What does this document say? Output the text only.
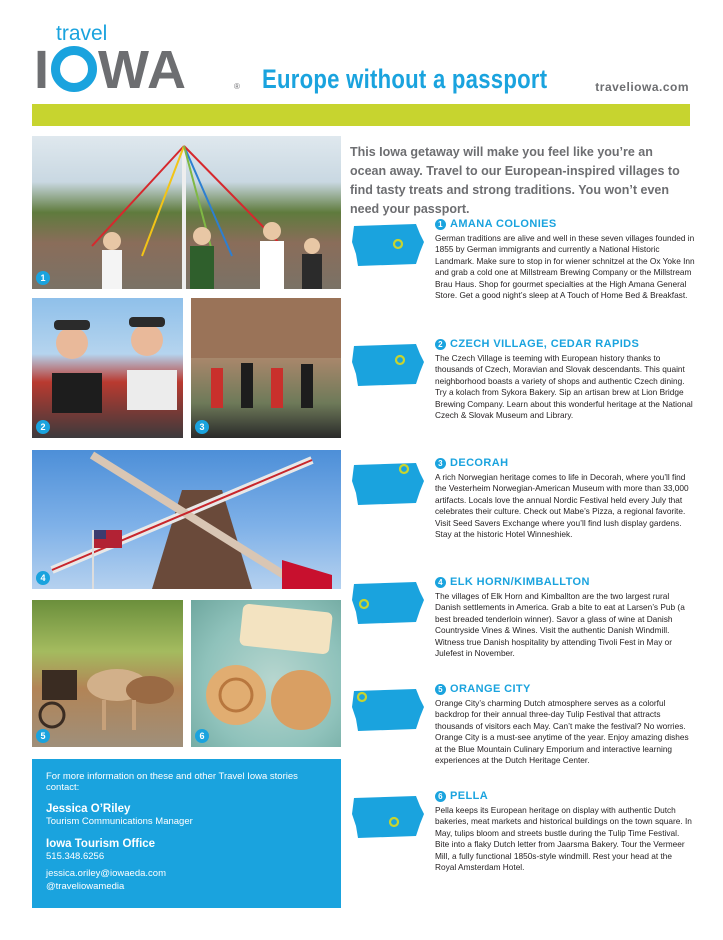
travel
I WA	® Europe without a passport	traveliowa.com
1
2	3
4
5	6
For more information on these and other Travel Iowa stories contact:
Jessica O’Riley
Tourism Communications Manager
Iowa Tourism Office
515.348.6256
jessica.oriley@iowaeda.com
@traveliowamedia
This Iowa getaway will make you feel like you’re an ocean away. Travel to our European-inspired villages to find tasty treats and strong traditions. You won’t even need your passport.
1 AMANA COLONIES
German traditions are alive and well in these seven villages founded in 1855 by German immigrants and currently a National Historic Landmark. Make sure to stop in for wiener schnitzel at the Ox Yoke Inn and grab a cold one at Millstream Brewing Company or the Millstream Brau Haus. Shop for gourmet specialties at the High Amana General Store. Get a good night’s sleep at A Touch of Home Bed & Breakfast.
2 CZECH VILLAGE, CEDAR RAPIDS
The Czech Village is teeming with European history thanks to thousands of Czech, Moravian and Slovak descendants. This quaint neighborhood boasts a variety of shops and authentic Czech dining. Try a kolach from Sykora Bakery. Sip an artisan brew at Lion Bridge Brewing Company. Learn about this wonderful heritage at the National Czech & Slovak Museum and Library.
3 DECORAH
A rich Norwegian heritage comes to life in Decorah, where you’ll find the Vesterheim Norwegian-American Museum with more than 33,000 artifacts. Locals love the annual Nordic Festival held every July that celebrates their culture. Check out Mabe’s Pizza, a regional favorite. Visit Seed Savers Exchange where you’ll find lush display gardens. Stay at the historic Hotel Winneshiek.
4 ELK HORN/KIMBALLTON
The villages of Elk Horn and Kimballton are the two largest rural Danish settlements in America. Grab a bite to eat at Larsen’s Pub (a best breaded tenderloin winner). Savor a glass of wine at Danish Countryside Vines & Wines. Visit the authentic Danish Windmill. Witness true Danish hospitality by attending Tivoli Fest in May or Julefest in November.
5 ORANGE CITY
Orange City’s charming Dutch atmosphere serves as a colorful backdrop for their annual three-day Tulip Festival that attracts thousands of visitors each May. Can’t make the festival? No worries. Orange City is a must-see anytime of the year. Enjoy amazing dishes at the Blue Mountain Culinary Emporium and interactive learning experiences at the Dutch Heritage Center.
6 PELLA
Pella keeps its European heritage on display with authentic Dutch bakeries, meat markets and historical buildings on the town square. In May, tulips bloom and streets bustle during the Tulip Time Festival. Bite into a flaky Dutch letter from Jaarsma Bakery. Tour the Vermeer Mill, a fully functional 1850s-style windmill. Rest your head at the Royal Amsterdam Hotel.
